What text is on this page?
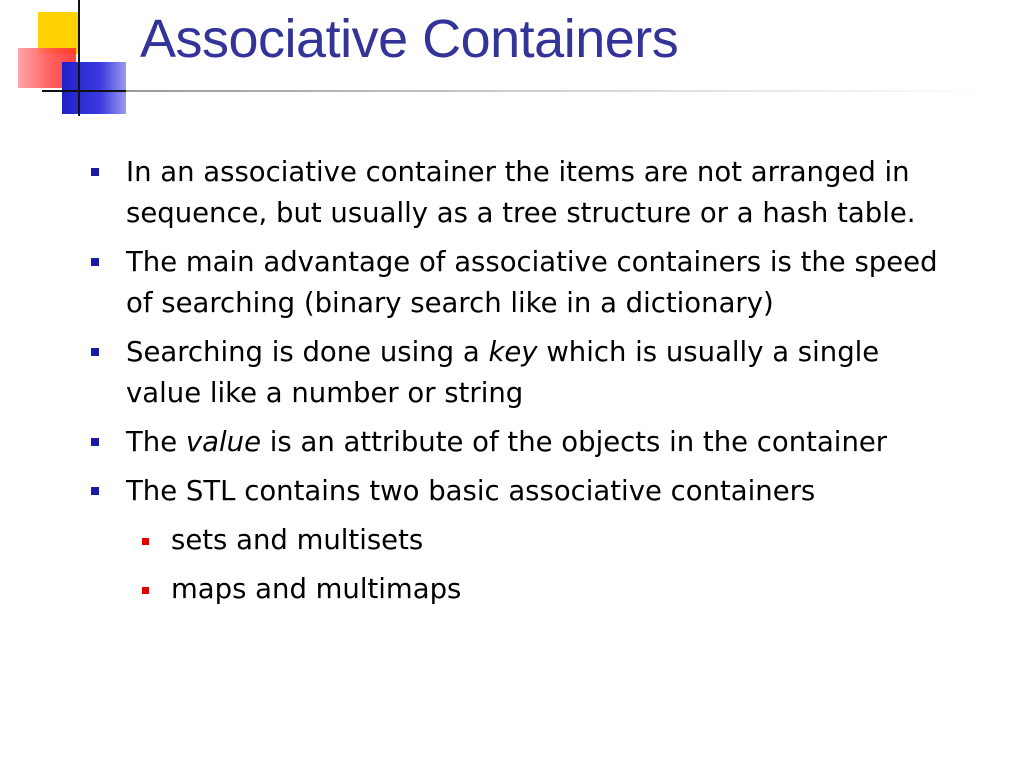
Associative Containers
In an associative container the items are not arranged in sequence, but usually as a tree structure or a hash table.
The main advantage of associative containers is the speed of searching (binary search like in a dictionary)
Searching is done using a key which is usually a single value like a number or string
The value is an attribute of the objects in the container
The STL contains two basic associative containers
sets and multisets
maps and multimaps
